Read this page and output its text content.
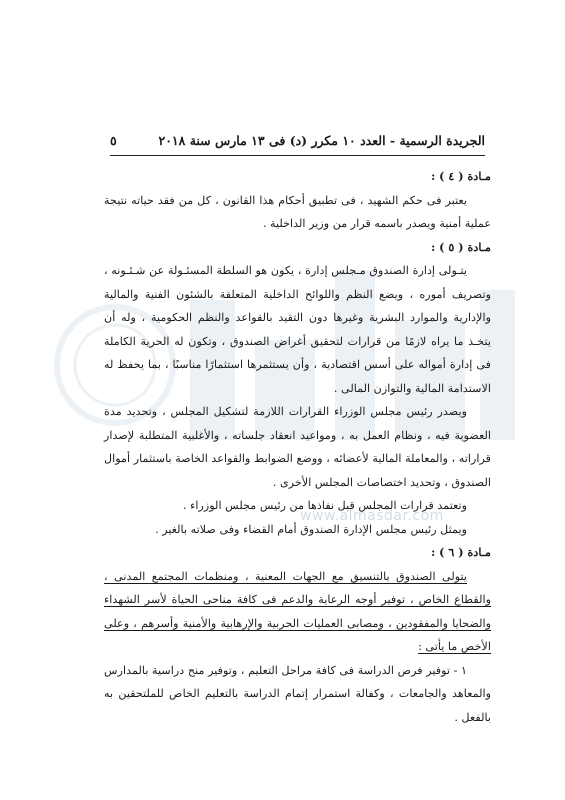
www.almasdar.com
الجريدة الرسمية - العدد ١٠ مكرر (د) فى ١٣ مارس سنة ٢٠١٨
٥

مـادة ( ٤ ) :

يعتبر فى حكم الشهيد ، فى تطبيق أحكام هذا القانون ، كل من فقد حياته نتيجة عملية أمنية ويصدر باسمه قرار من وزير الداخلية .

مـادة ( ٥ ) :

يتـولى إدارة الصندوق مـجلس إدارة ، يكون هو السلطة المسئـولة عن شـئـونه ، وتصريف أموره ، ويضع النظم واللوائح الداخلية المتعلقة بالشئون الفنية والمالية والإدارية والموارد البشرية وغيرها دون التقيد بالقواعد والنظم الحكومية ، وله أن يتخـذ ما يراه لازمًا من قرارات لتحقيق أغراض الصندوق ، وتكون له الحرية الكاملة فى إدارة أمواله على أسس اقتصادية ، وأن يستثمرها استثمارًا مناسبًا ، بما يحفظ له الاستدامة المالية والتوازن المالى .

ويصدر رئيس مجلس الوزراء القرارات اللازمة لتشكيل المجلس ، وتحديد مدة العضوية فيه ، ونظام العمل به ، ومواعيد انعقاد جلساته ، والأغلبية المتطلبة لإصدار قراراته ، والمعاملة المالية لأعضائه ، ووضع الضوابط والقواعد الخاصة باستثمار أموال الصندوق ، وتحديد اختصاصات المجلس الأخرى .

وتعتمد قرارات المجلس قبل نفاذها من رئيس مجلس الوزراء .

ويمثل رئيس مجلس الإدارة الصندوق أمام القضاء وفى صلاته بالغير .

مـادة ( ٦ ) :

يتولى الصندوق بالتنسيق مع الجهات المعنية ، ومنظمات المجتمع المدنى ، والقطاع الخاص ، توفير أوجه الرعاية والدعم فى كافة مناحى الحياة لأسر الشهداء والضحايا والمفقودين ، ومصابى العمليات الحربية والإرهابية والأمنية وأسرهم ، وعلى الأخص ما يأتى :

١ - توفير فرص الدراسة فى كافة مراحل التعليم ، وتوفير منح دراسية بالمدارس والمعاهد والجامعات ، وكفالة استمرار إتمام الدراسة بالتعليم الخاص للملتحقين به بالفعل .
